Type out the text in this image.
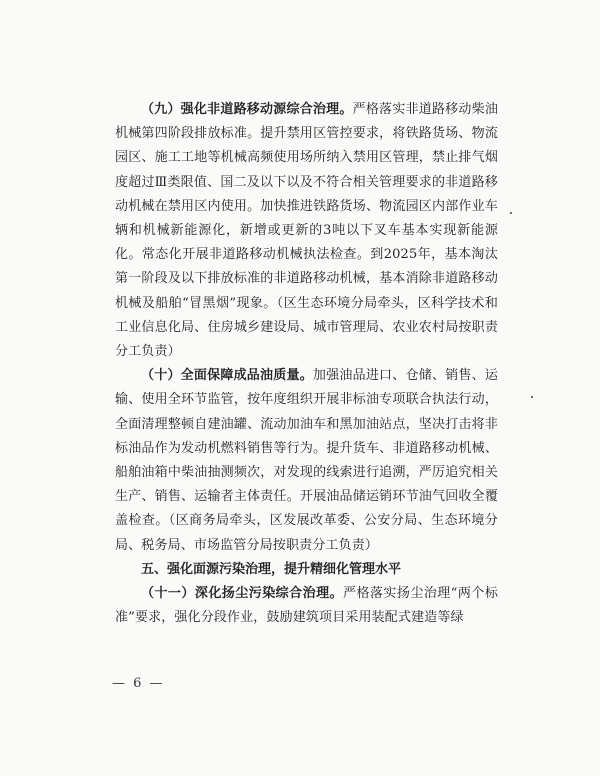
（九）强化非道路移动源综合治理。严格落实非道路移动柴油机械第四阶段排放标准。提升禁用区管控要求，将铁路货场、物流园区、施工工地等机械高频使用场所纳入禁用区管理，禁止排气烟度超过Ⅲ类限值、国二及以下以及不符合相关管理要求的非道路移动机械在禁用区内使用。加快推进铁路货场、物流园区内部作业车辆和机械新能源化，新增或更新的3吨以下叉车基本实现新能源化。常态化开展非道路移动机械执法检查。到2025年，基本淘汰第一阶段及以下排放标准的非道路移动机械，基本消除非道路移动机械及船舶“冒黑烟”现象。（区生态环境分局牵头，区科学技术和工业信息化局、住房城乡建设局、城市管理局、农业农村局按职责分工负责）

（十）全面保障成品油质量。加强油品进口、仓储、销售、运输、使用全环节监管，按年度组织开展非标油专项联合执法行动，全面清理整顿自建油罐、流动加油车和黑加油站点，坚决打击将非标油品作为发动机燃料销售等行为。提升货车、非道路移动机械、船舶油箱中柴油抽测频次，对发现的线索进行追溯，严厉追究相关生产、销售、运输者主体责任。开展油品储运销环节油气回收全覆盖检查。（区商务局牵头，区发展改革委、公安分局、生态环境分局、税务局、市场监管分局按职责分工负责）

五、强化面源污染治理，提升精细化管理水平

（十一）深化扬尘污染综合治理。严格落实扬尘治理“两个标准”要求，强化分段作业，鼓励建筑项目采用装配式建造等绿

— 6 —
